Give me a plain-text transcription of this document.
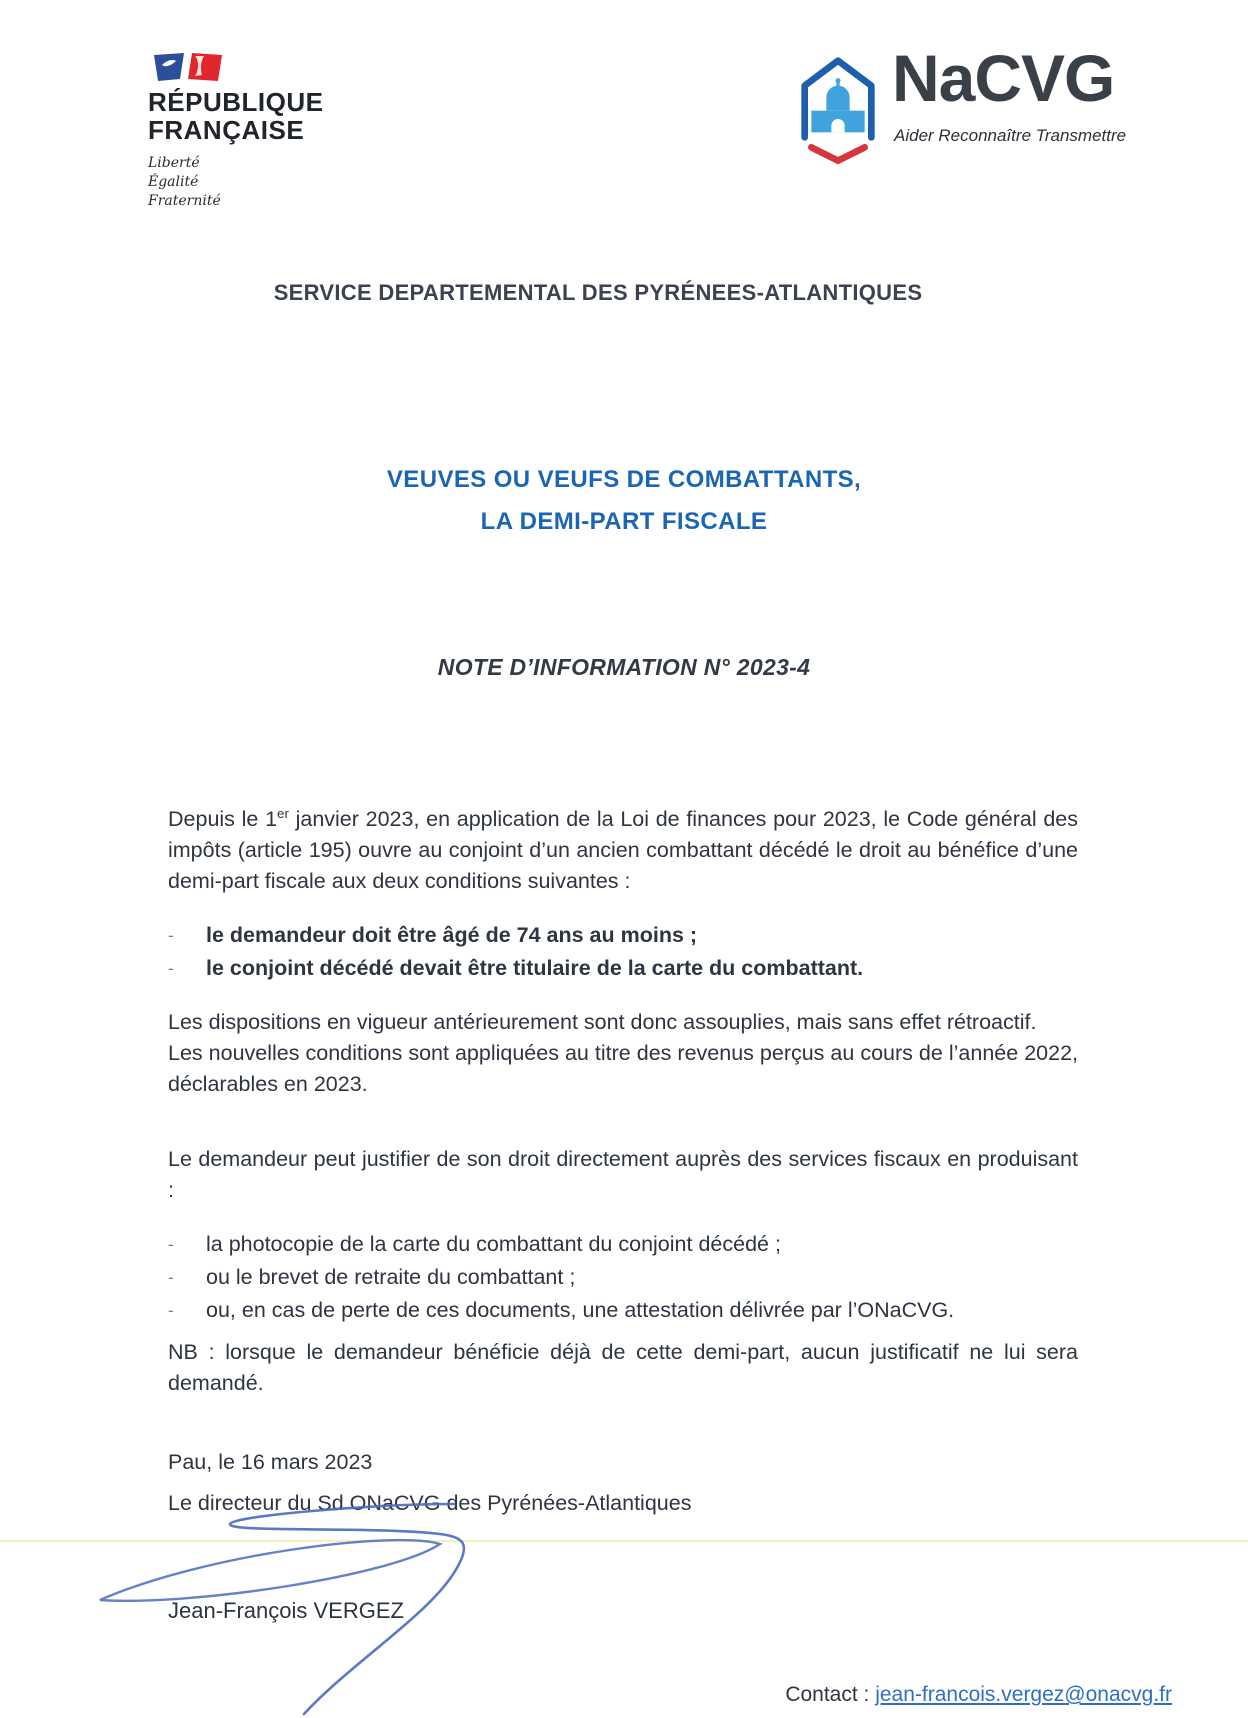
RÉPUBLIQUE
FRANÇAISE
Liberté
Égalité
Fraternité
NaCVG
Aider Reconnaître Transmettre
SERVICE DEPARTEMENTAL DES PYRÉNEES-ATLANTIQUES
VEUVES OU VEUFS DE COMBATTANTS,
LA DEMI-PART FISCALE
NOTE D’INFORMATION N° 2023-4

Depuis le 1er janvier 2023, en application de la Loi de finances pour 2023, le Code général des impôts (article 195) ouvre au conjoint d’un ancien combattant décédé le droit au bénéfice d’une demi-part fiscale aux deux conditions suivantes :

-	le demandeur doit être âgé de 74 ans au moins ;
-	le conjoint décédé devait être titulaire de la carte du combattant.

Les dispositions en vigueur antérieurement sont donc assouplies, mais sans effet rétroactif.

Les nouvelles conditions sont appliquées au titre des revenus perçus au cours de l’année 2022, déclarables en 2023.

Le demandeur peut justifier de son droit directement auprès des services fiscaux en produisant :

-	la photocopie de la carte du combattant du conjoint décédé ;
-	ou le brevet de retraite du combattant ;
-	ou, en cas de perte de ces documents, une attestation délivrée par l’ONaCVG.

NB : lorsque le demandeur bénéficie déjà de cette demi-part, aucun justificatif ne lui sera demandé.

Pau, le 16 mars 2023

Le directeur du Sd ONaCVG des Pyrénées-Atlantiques

Jean-François VERGEZ
Contact : jean-francois.vergez@onacvg.fr
